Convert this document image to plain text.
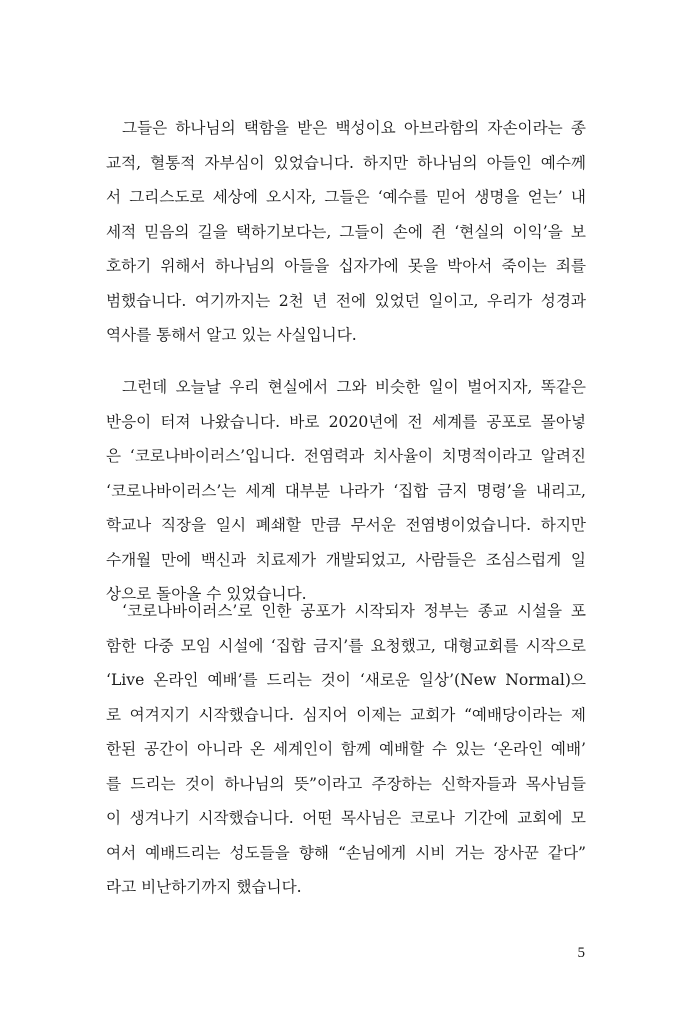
그들은 하나님의 택함을 받은 백성이요 아브라함의 자손이라는 종
교적, 혈통적 자부심이 있었습니다. 하지만 하나님의 아들인 예수께
서 그리스도로 세상에 오시자, 그들은 ‘예수를 믿어 생명을 얻는’ 내
세적 믿음의 길을 택하기보다는, 그들이 손에 쥔 ‘현실의 이익’을 보
호하기 위해서 하나님의 아들을 십자가에 못을 박아서 죽이는 죄를
범했습니다. 여기까지는 2천 년 전에 있었던 일이고, 우리가 성경과
역사를 통해서 알고 있는 사실입니다.
그런데 오늘날 우리 현실에서 그와 비슷한 일이 벌어지자, 똑같은
반응이 터져 나왔습니다. 바로 2020년에 전 세계를 공포로 몰아넣
은 ‘코로나바이러스’입니다. 전염력과 치사율이 치명적이라고 알려진
‘코로나바이러스’는 세계 대부분 나라가 ‘집합 금지 명령’을 내리고,
학교나 직장을 일시 폐쇄할 만큼 무서운 전염병이었습니다. 하지만
수개월 만에 백신과 치료제가 개발되었고, 사람들은 조심스럽게 일
상으로 돌아올 수 있었습니다.
‘코로나바이러스’로 인한 공포가 시작되자 정부는 종교 시설을 포
함한 다중 모임 시설에 ‘집합 금지’를 요청했고, 대형교회를 시작으로
‘Live 온라인 예배’를 드리는 것이 ‘새로운 일상’(New Normal)으
로 여겨지기 시작했습니다. 심지어 이제는 교회가 “예배당이라는 제
한된 공간이 아니라 온 세계인이 함께 예배할 수 있는 ‘온라인 예배’
를 드리는 것이 하나님의 뜻”이라고 주장하는 신학자들과 목사님들
이 생겨나기 시작했습니다. 어떤 목사님은 코로나 기간에 교회에 모
여서 예배드리는 성도들을 향해 “손님에게 시비 거는 장사꾼 같다”
라고 비난하기까지 했습니다.
5
